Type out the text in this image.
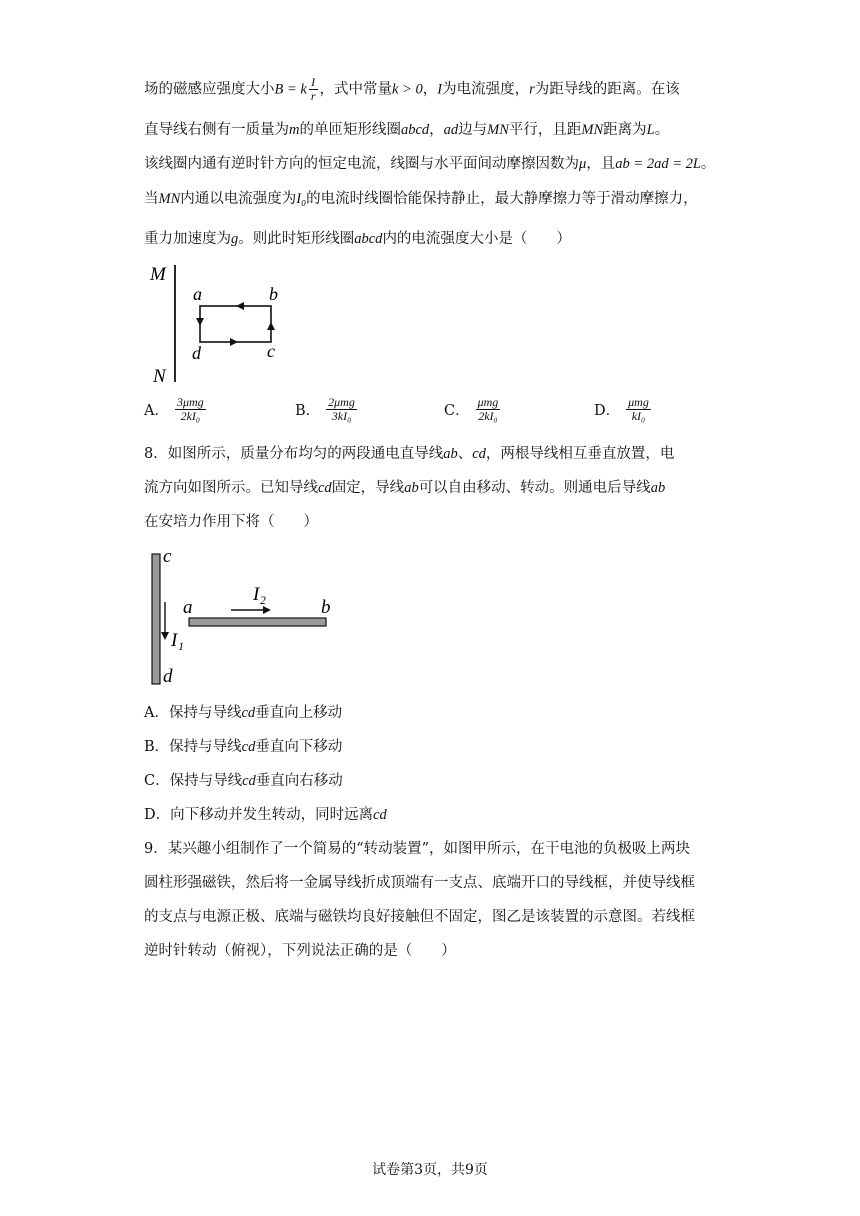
场的磁感应强度大小B = k $\frac{I}{r}$ ，式中常量k > 0，I为电流强度，r为距导线的距离。在该
直导线右侧有一质量为m的单匝矩形线圈abcd，ad边与MN平行，且距MN距离为L。
该线圈内通有逆时针方向的恒定电流，线圈与水平面间动摩擦因数为μ，且ab = 2ad = 2L。
当MN内通以电流强度为I₀的电流时线圈恰能保持静止，最大静摩擦力等于滑动摩擦力，
重力加速度为g。则此时矩形线圈abcd内的电流强度大小是（　　）
M
N
a	b
c
d
A． $\frac{\text{3μmg}}{\text{2kI₀}}$	B． $\frac{\text{2μmg}}{\text{3kI₀}}$	C． $\frac{\text{μmg}}{\text{2kI₀}}$	D． $\frac{\text{μmg}}{\text{kI₀}}$
8．如图所示，质量分布均匀的两段通电直导线ab、cd，两根导线相互垂直放置，电
流方向如图所示。已知导线cd固定，导线ab可以自由移动、转动。则通电后导线ab
在安培力作用下将（　　）
c
d
a	b
I₁
I₂
A．保持与导线cd垂直向上移动
B．保持与导线cd垂直向下移动
C．保持与导线cd垂直向右移动
D．向下移动并发生转动，同时远离cd
9．某兴趣小组制作了一个简易的“转动装置”，如图甲所示，在干电池的负极吸上两块
圆柱形强磁铁，然后将一金属导线折成顶端有一支点、底端开口的导线框，并使导线框
的支点与电源正极、底端与磁铁均良好接触但不固定，图乙是该装置的示意图。若线框
逆时针转动（俯视），下列说法正确的是（　　）
试卷第3页，共9页
